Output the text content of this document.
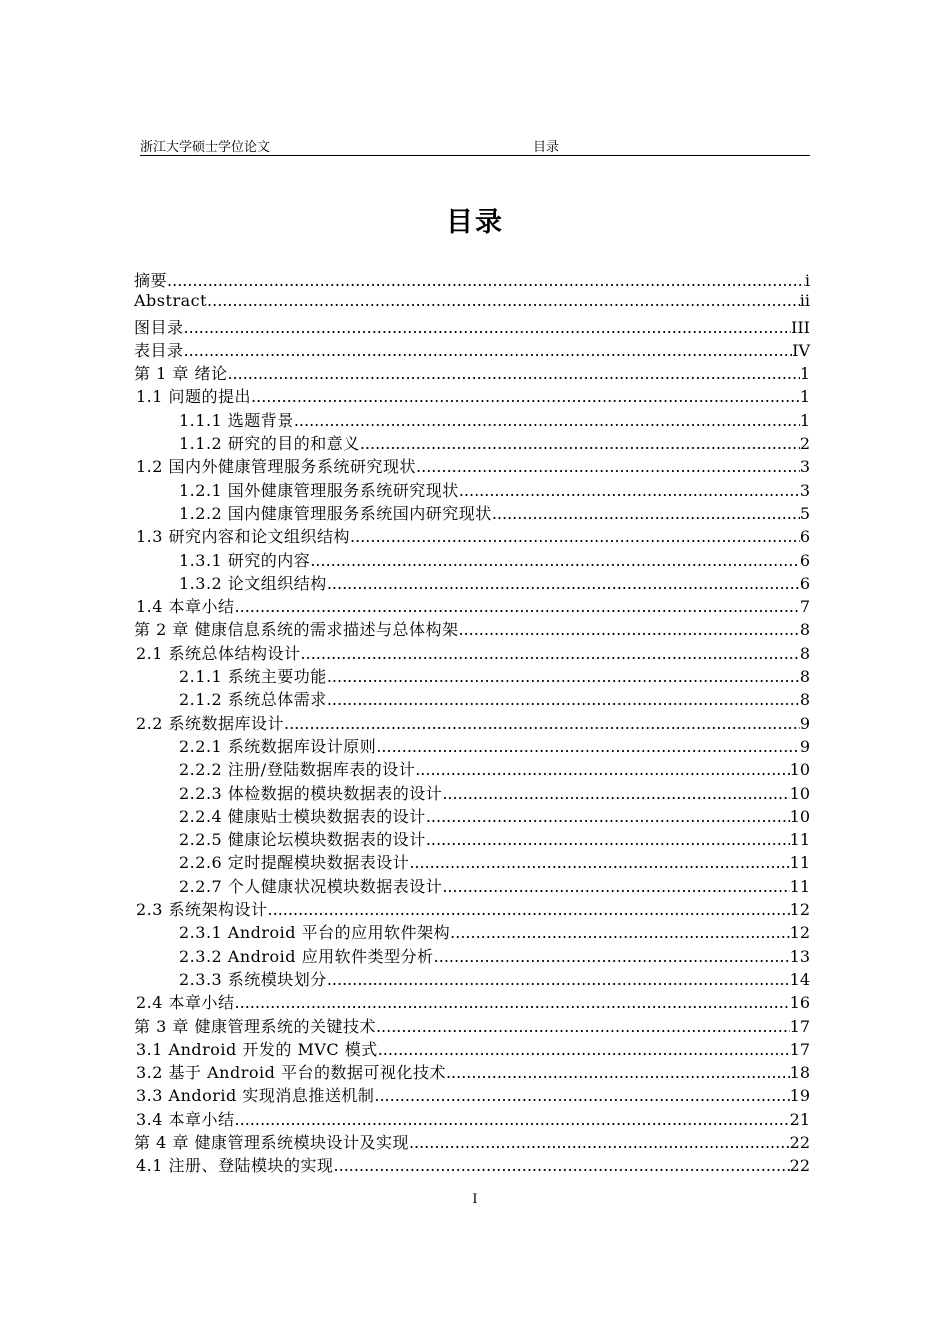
浙江大学硕士学位论文	目录
目录
摘要 .....	i
Abstract .....	ii
图目录 .....	III
表目录 .....	IV
第 1 章 绪论 .....	1
1.1 问题的提出 .....	1
1.1.1 选题背景 .....	1
1.1.2 研究的目的和意义 .....	2
1.2 国内外健康管理服务系统研究现状 .....	3
1.2.1 国外健康管理服务系统研究现状 .....	3
1.2.2 国内健康管理服务系统国内研究现状 .....	5
1.3 研究内容和论文组织结构 .....	6
1.3.1 研究的内容 .....	6
1.3.2 论文组织结构 .....	6
1.4 本章小结 .....	7
第 2 章 健康信息系统的需求描述与总体构架 .....	8
2.1 系统总体结构设计 .....	8
2.1.1 系统主要功能 .....	8
2.1.2 系统总体需求 .....	8
2.2 系统数据库设计 .....	9
2.2.1 系统数据库设计原则 .....	9
2.2.2 注册/登陆数据库表的设计 .....	10
2.2.3 体检数据的模块数据表的设计 .....	10
2.2.4 健康贴士模块数据表的设计 .....	10
2.2.5 健康论坛模块数据表的设计 .....	11
2.2.6 定时提醒模块数据表设计 .....	11
2.2.7 个人健康状况模块数据表设计 .....	11
2.3 系统架构设计 .....	12
2.3.1 Android 平台的应用软件架构 .....	12
2.3.2 Android 应用软件类型分析 .....	13
2.3.3 系统模块划分 .....	14
2.4 本章小结 .....	16
第 3 章 健康管理系统的关键技术 .....	17
3.1 Android 开发的 MVC 模式 .....	17
3.2 基于 Android 平台的数据可视化技术 .....	18
3.3 Andorid 实现消息推送机制 .....	19
3.4 本章小结 .....	21
第 4 章 健康管理系统模块设计及实现 .....	22
4.1 注册、登陆模块的实现 .....	22
I
